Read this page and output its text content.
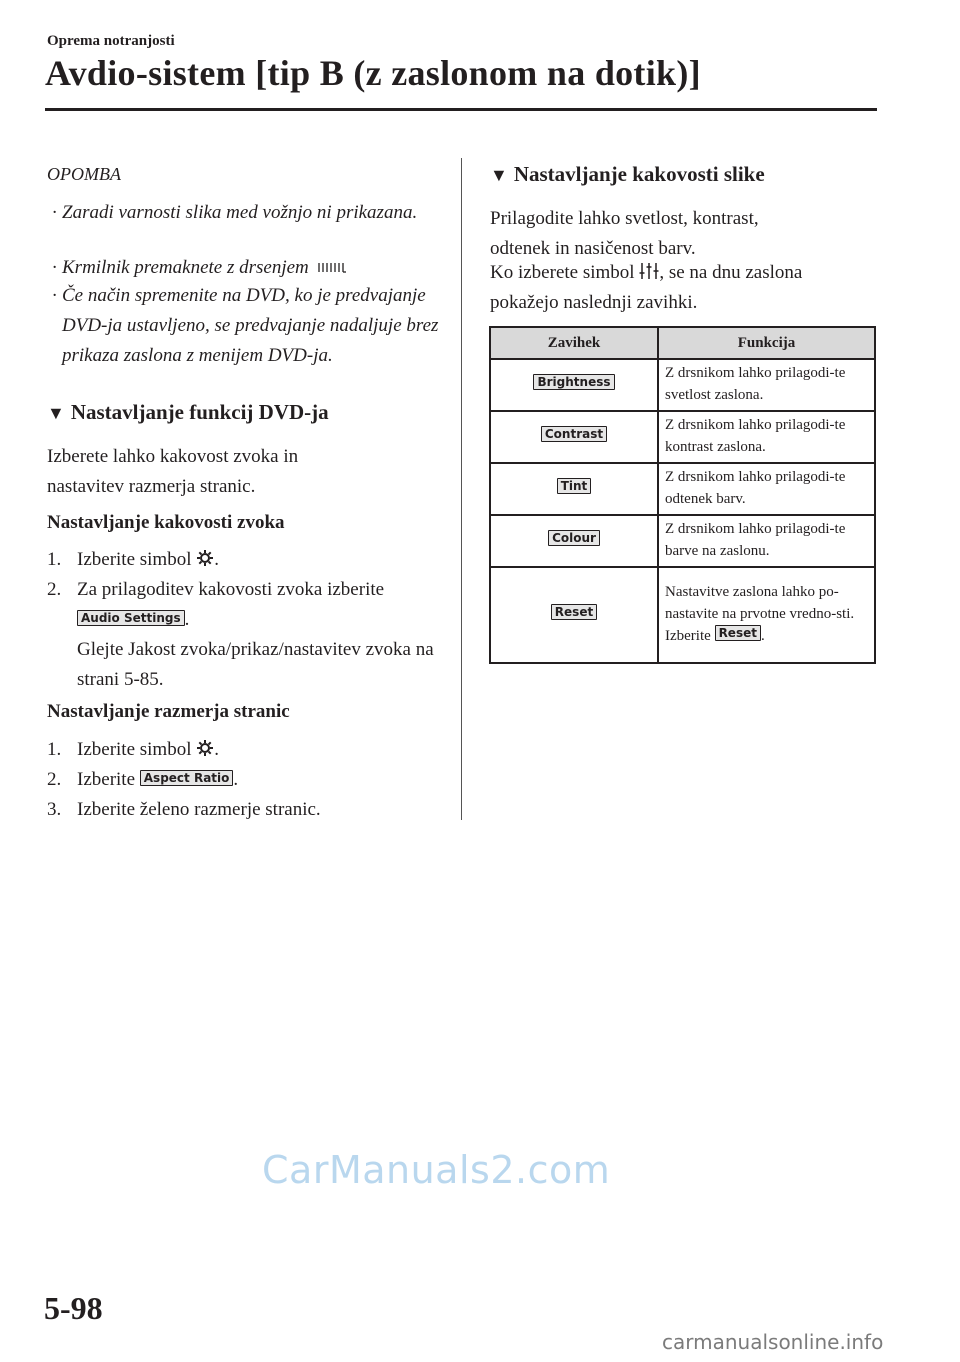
Oprema notranjosti
Avdio-sistem [tip B (z zaslonom na dotik)]
OPOMBA
· Zaradi varnosti slika med vožnjo ni prikazana.
· Krmilnik premaknete z drsenjem
· Če način spremenite na DVD, ko je predvajanje DVD-ja ustavljeno, se predvajanje nadaljuje brez prikaza zaslona z menijem DVD-ja.
▼ Nastavljanje funkcij DVD-ja
Izberete lahko kakovost zvoka in nastavitev razmerja stranic.
Nastavljanje kakovosti zvoka
1. Izberite simbol .
2. Za prilagoditev kakovosti zvoka izberite Audio Settings .
Glejte Jakost zvoka/prikaz/nastavitev zvoka na strani 5-85.
Nastavljanje razmerja stranic
1. Izberite simbol .
2. Izberite Aspect Ratio .
3. Izberite želeno razmerje stranic.
▼ Nastavljanje kakovosti slike
Prilagodite lahko svetlost, kontrast, odtenek in nasičenost barv.
Ko izberete simbol , se na dnu zaslona pokažejo naslednji zavihki.
Zavihek	Funkcija
Brightness	Z drsnikom lahko prilagodi-te svetlost zaslona.
Contrast	Z drsnikom lahko prilagodi-te kontrast zaslona.
Tint	Z drsnikom lahko prilagodi-te odtenek barv.
Colour	Z drsnikom lahko prilagodi-te barve na zaslonu.
Reset	Nastavitve zaslona lahko po-nastavite na prvotne vredno-sti.
Izberite Reset .
CarManuals2.com
5-98
carmanualsonline.info
